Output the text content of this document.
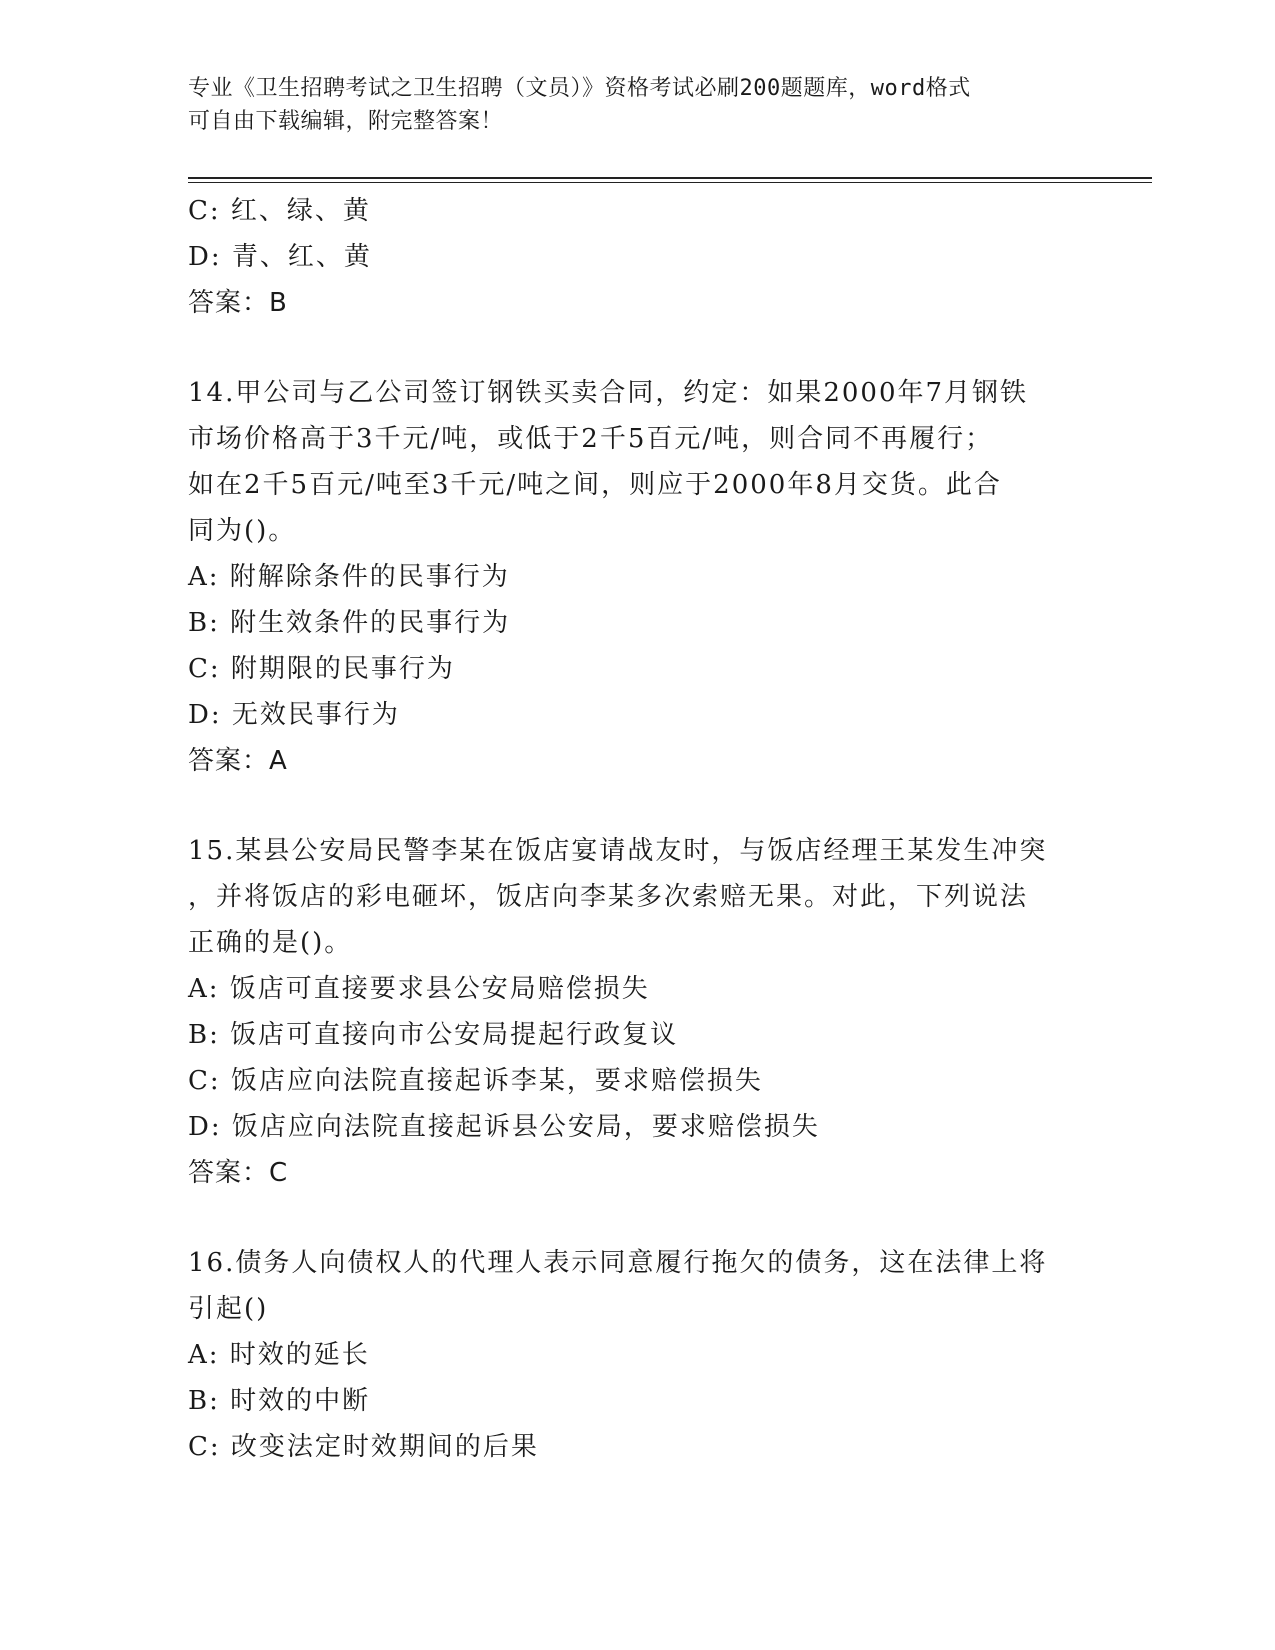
专业《卫生招聘考试之卫生招聘（文员）》资格考试必刷200题题库，word格式
可自由下载编辑，附完整答案！
C: 红、绿、黄
D: 青、红、黄
答案：B
14.甲公司与乙公司签订钢铁买卖合同，约定：如果2000年7月钢铁
市场价格高于3千元/吨，或低于2千5百元/吨，则合同不再履行；
如在2千5百元/吨至3千元/吨之间，则应于2000年8月交货。此合
同为()。
A: 附解除条件的民事行为
B: 附生效条件的民事行为
C: 附期限的民事行为
D: 无效民事行为
答案：A
15.某县公安局民警李某在饭店宴请战友时，与饭店经理王某发生冲突
，并将饭店的彩电砸坏，饭店向李某多次索赔无果。对此，下列说法
正确的是()。
A: 饭店可直接要求县公安局赔偿损失
B: 饭店可直接向市公安局提起行政复议
C: 饭店应向法院直接起诉李某，要求赔偿损失
D: 饭店应向法院直接起诉县公安局，要求赔偿损失
答案：C
16.债务人向债权人的代理人表示同意履行拖欠的债务，这在法律上将
引起()
A: 时效的延长
B: 时效的中断
C: 改变法定时效期间的后果
